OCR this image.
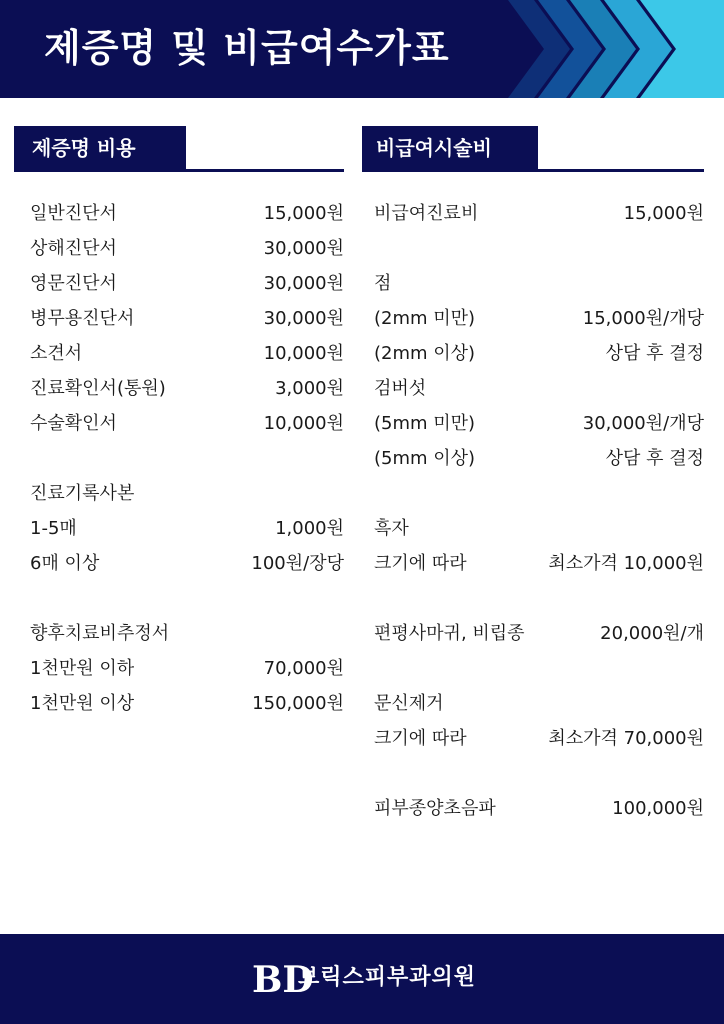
제증명 및 비급여수가표
제증명 비용
일반진단서	15,000원
상해진단서	30,000원
영문진단서	30,000원
병무용진단서	30,000원
소견서	10,000원
진료확인서(통원)	3,000원
수술확인서	10,000원
진료기록사본
1-5매	1,000원
6매 이상	100원/장당
향후치료비추정서
1천만원 이하	70,000원
1천만원 이상	150,000원
비급여시술비
비급여진료비	15,000원
점
(2mm 미만)	15,000원/개당
(2mm 이상)	상담 후 결정
검버섯
(5mm 미만)	30,000원/개당
(5mm 이상)	상담 후 결정
흑자
크기에 따라	최소가격 10,000원
편평사마귀, 비립종	20,000원/개
문신제거
크기에 따라	최소가격 70,000원
피부종양초음파	100,000원
BD
브릭스피부과의원
